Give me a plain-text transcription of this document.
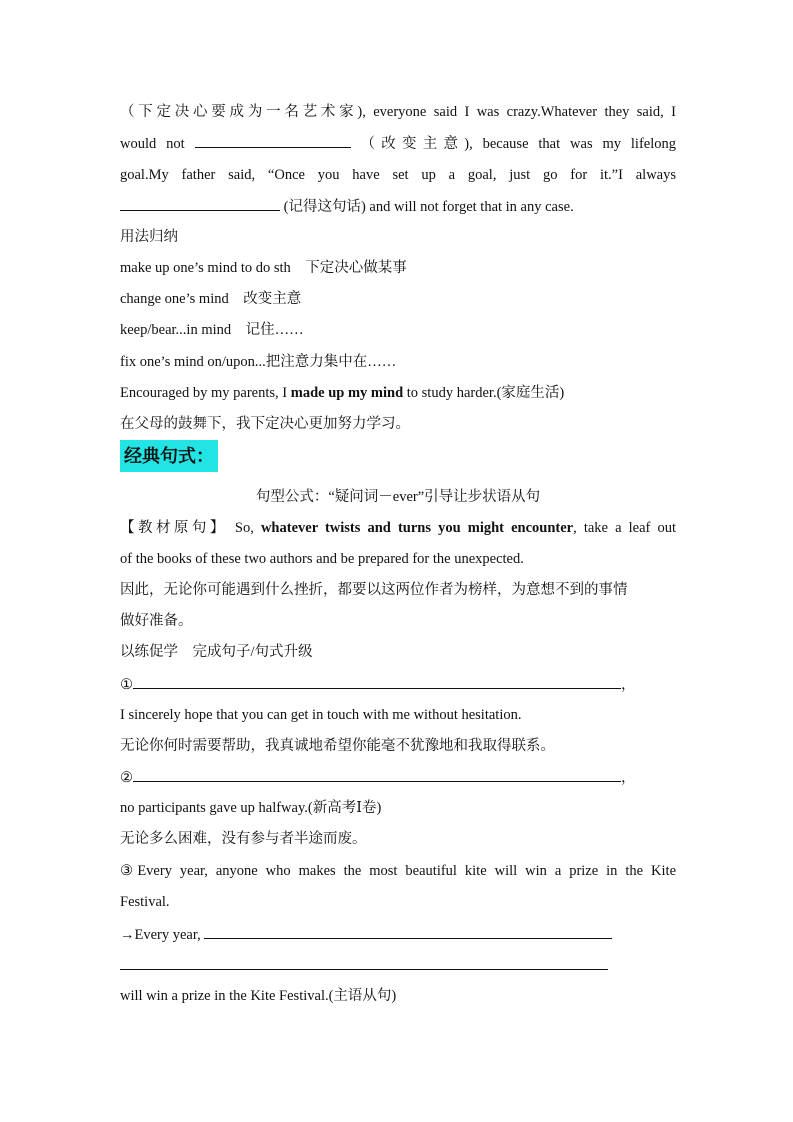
（下定决心要成为一名艺术家), everyone said I was crazy.Whatever they said, I
would not	（改变主意), because that was my lifelong
goal.My father said, “Once you have set up a goal, just go for it.”I always
(记得这句话) and will not forget that in any case.
用法归纳
make up one’s mind to do sth　下定决心做某事
change one’s mind　改变主意
keep/bear...in mind　记住……
fix one’s mind on/upon...把注意力集中在……
Encouraged by my parents, I made up my mind to study harder.(家庭生活)
在父母的鼓舞下，我下定决心更加努力学习。
经典句式：
句型公式：“疑问词－ever”引导让步状语从句
【教材原句】 So, whatever twists and turns you might encounter, take a leaf out
of the books of these two authors and be prepared for the unexpected.
因此，无论你可能遇到什么挫折，都要以这两位作者为榜样，为意想不到的事情
做好准备。
以练促学　完成句子/句式升级
①	，
I sincerely hope that you can get in touch with me without hesitation.
无论你何时需要帮助，我真诚地希望你能毫不犹豫地和我取得联系。
②	，
no participants gave up halfway.(新高考Ⅰ卷)
无论多么困难，没有参与者半途而废。
③Every year, anyone who makes the most beautiful kite will win a prize in the Kite
Festival.
→Every year,
will win a prize in the Kite Festival.(主语从句)
